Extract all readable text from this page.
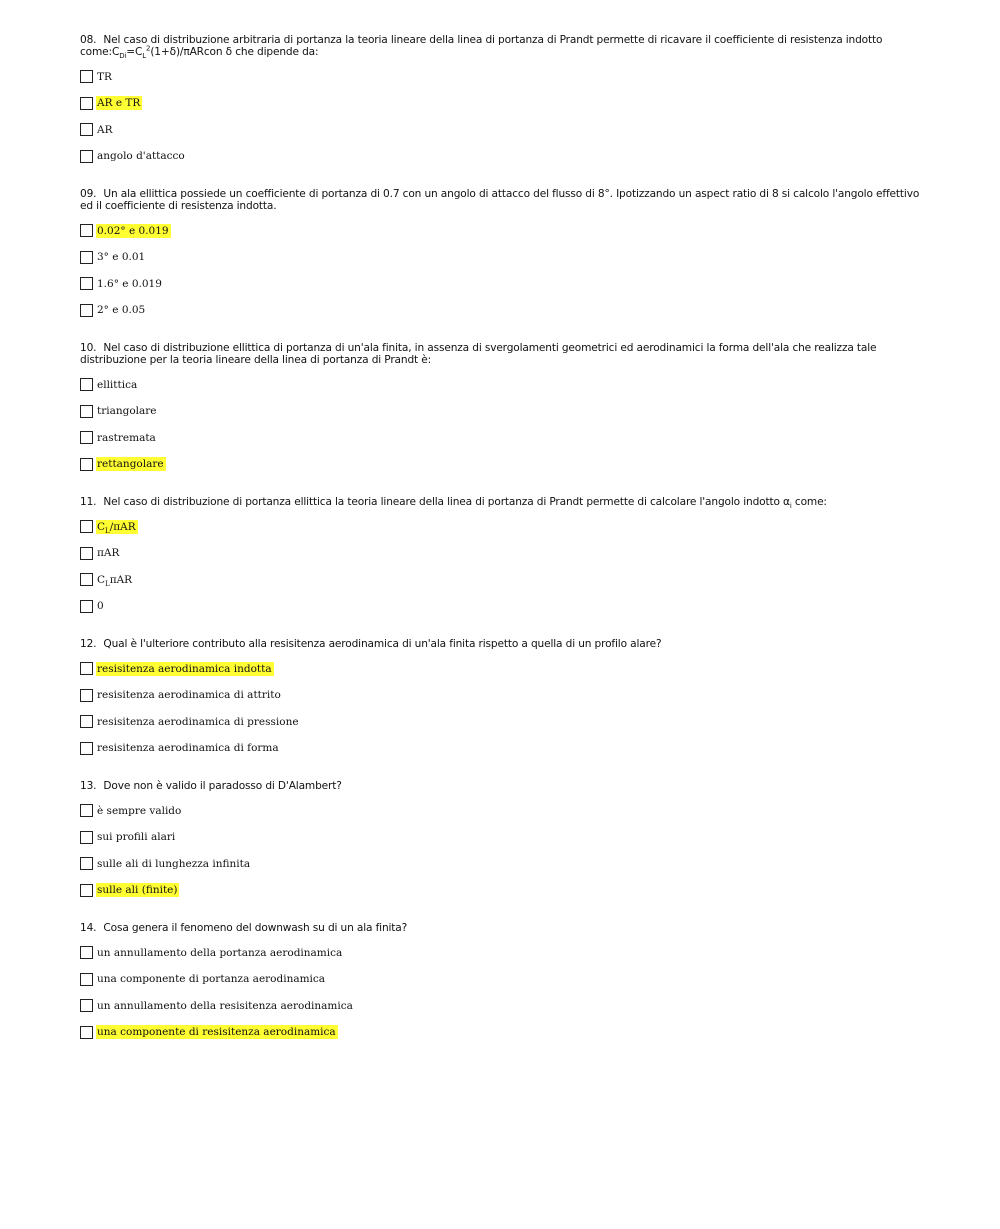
08. Nel caso di distribuzione arbitraria di portanza la teoria lineare della linea di portanza di Prandt permette di ricavare il coefficiente di resistenza indotto $come:C_{Di}=C_L^2(1+\delta)$/πARcon δ che dipende da:

TR
AR e TR
AR
angolo d'attacco

09. Un ala ellittica possiede un coefficiente di portanza di 0.7 con un angolo di attacco del flusso di 8°. Ipotizzando un aspect ratio di 8 si calcolo l'angolo effettivo ed il coefficiente di resistenza indotta.

0.02° e 0.019
3° e 0.01
1.6° e 0.019
2° e 0.05

10. Nel caso di distribuzione ellittica di portanza di un'ala finita, in assenza di svergolamenti geometrici ed aerodinamici la forma dell'ala che realizza tale distribuzione per la teoria lineare della linea di portanza di Prandt è:

ellittica
triangolare
rastremata
rettangolare

11. Nel caso di distribuzione di portanza ellittica la teoria lineare della linea di portanza di Prandt permette di calcolare l'angolo indotto $\alpha_i$ come:

$C_L$/πAR
πAR
$C_L\pi AR$
0

12. Qual è l'ulteriore contributo alla resisitenza aerodinamica di un'ala finita rispetto a quella di un profilo alare?

resisitenza aerodinamica indotta
resisitenza aerodinamica di attrito
resisitenza aerodinamica di pressione
resisitenza aerodinamica di forma

13. Dove non è valido il paradosso di D'Alambert?

è sempre valido
sui profili alari
sulle ali di lunghezza infinita
sulle ali (finite)

14. Cosa genera il fenomeno del downwash su di un ala finita?

un annullamento della portanza aerodinamica
una componente di portanza aerodinamica
un annullamento della resisitenza aerodinamica
una componente di resisitenza aerodinamica
